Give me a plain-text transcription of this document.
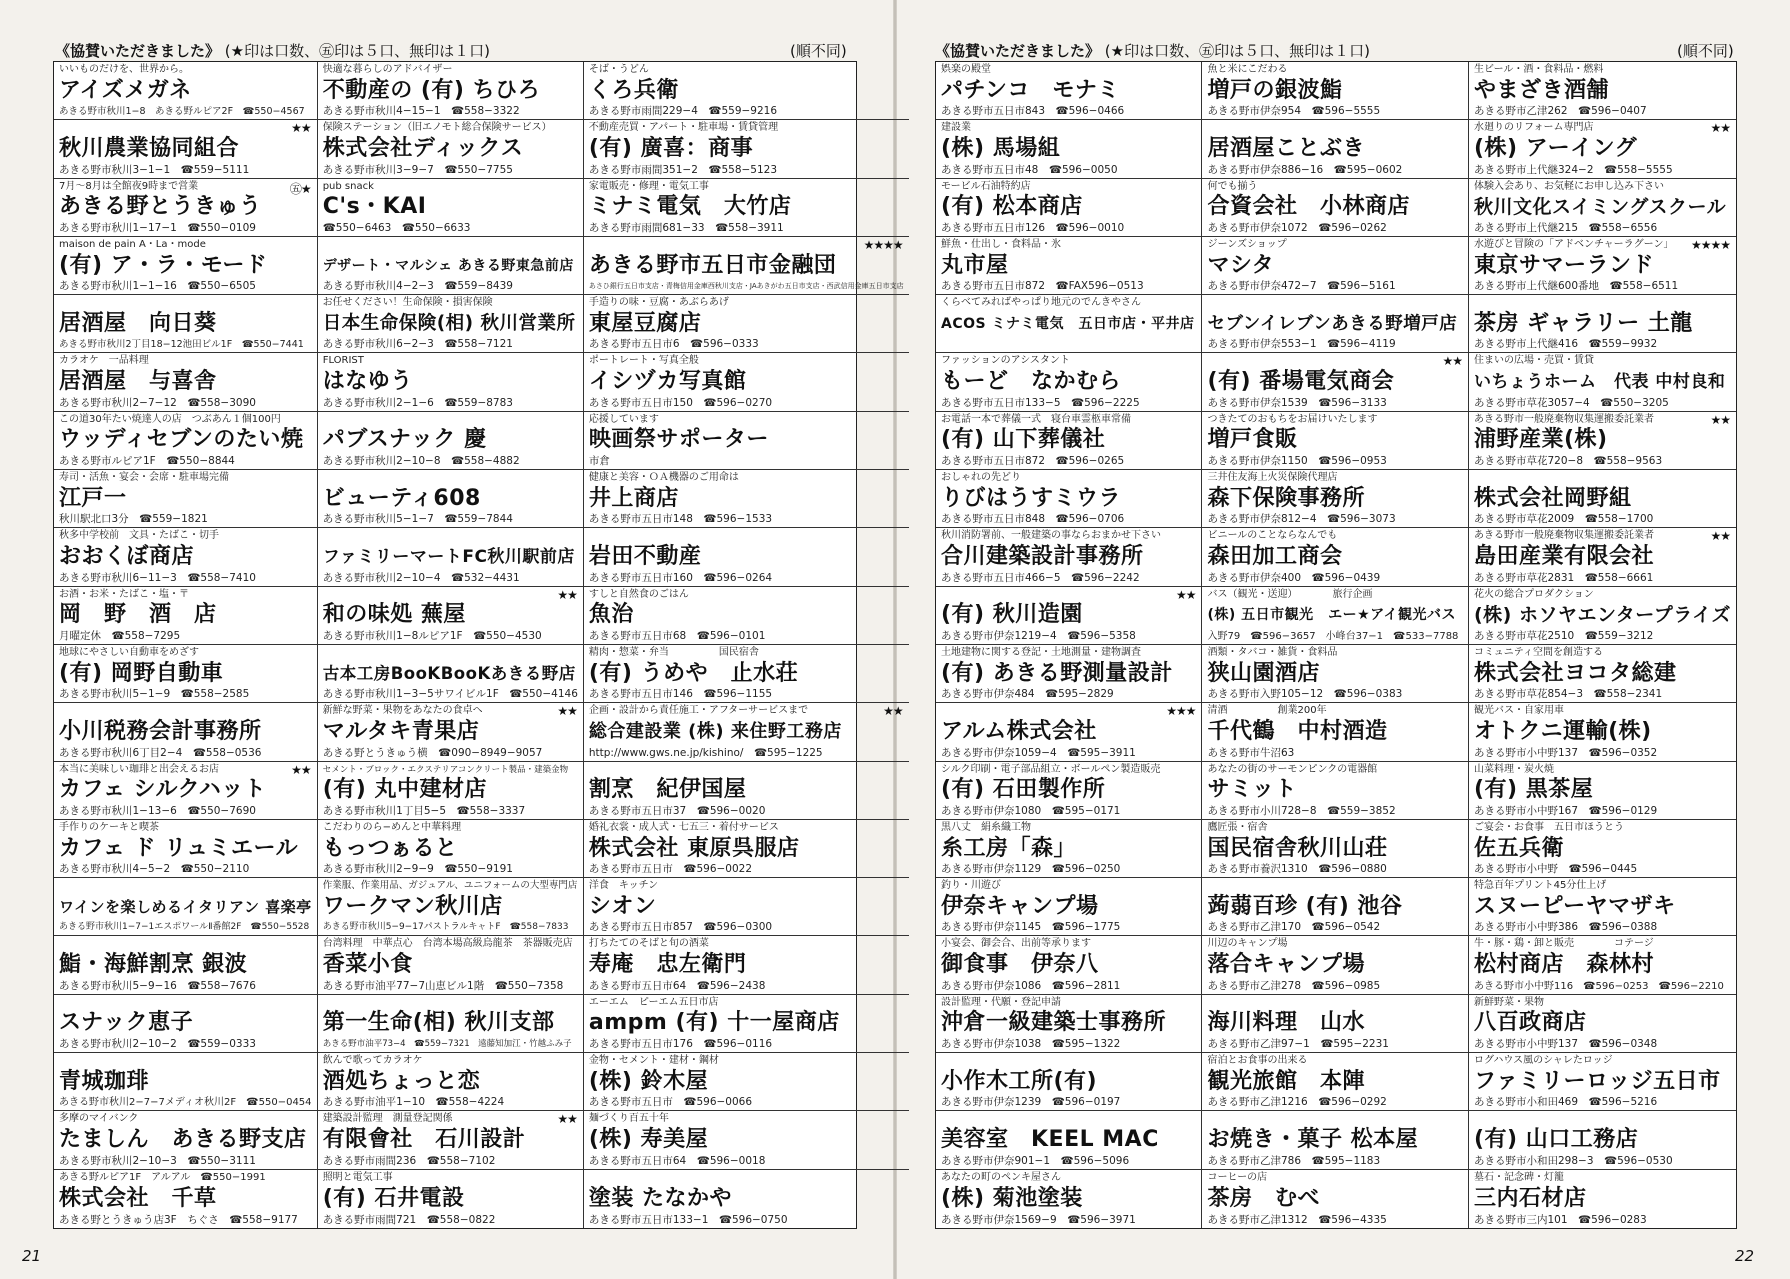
《協賛いただきました》 (★印は口数、㊄印は５口、無印は１口)	(順不同)
いいものだけを、世界から。
アイズメガネ
あきる野市秋川1−8　あきる野ルピア2F　☎550−4567
快適な暮らしのアドバイザー
不動産の (有) ちひろ
あきる野市秋川4−15−1　☎558−3322
そば・うどん
くろ兵衛
あきる野市雨間229−4　☎559−9216
秋川農業協同組合
あきる野市秋川3−1−1　☎559−5111
★★ 保険ステーション（旧エノモト総合保険サービス）
株式会社ディックス
あきる野市秋川3−9−7　☎550−7755
不動産売買・アパート・駐車場・賃貸管理
(有) 廣喜：商事
あきる野市雨間351−2　☎558−5123
7月〜8月は全館夜9時まで営業
あきる野とうきゅう
あきる野市秋川1−17−1　☎550−0109
㊄★ pub snack
C's・KAI
☎550−6463　☎550−6633
家電販売・修理・電気工事
ミナミ電気　大竹店
あきる野市雨間681−33　☎558−3911
maison de pain A・La・mode
(有) ア・ラ・モード
あきる野市秋川1−1−16　☎550−6505
デザート・マルシェ あきる野東急前店
あきる野市秋川4−2−3　☎559−8439
あきる野市五日市金融団
あさひ銀行五日市支店・青梅信用金庫西秋川支店・JAあきがわ五日市支店・西武信用金庫五日市支店
★★★★
居酒屋　向日葵
あきる野市秋川2丁目18−12池田ビル1F　☎550−7441
お任せください！生命保険・損害保険
日本生命保険(相) 秋川営業所
あきる野市秋川6−2−3　☎558−7121
手造りの味・豆腐・あぶらあげ
東屋豆腐店
あきる野市五日市6　☎596−0333
カラオケ　一品料理
居酒屋　与喜舎
あきる野市秋川2−7−12　☎558−3090
FLORIST
はなゆう
あきる野市秋川2−1−6　☎559−8783
ポートレート・写真全般
イシヅカ写真館
あきる野市五日市150　☎596−0270
この道30年たい焼達人の店　つぶあん１個100円
ウッディセブンのたい焼
あきる野市ルピア1F　☎550−8844
パブスナック 慶
あきる野市秋川2−10−8　☎558−4882
応援しています
映画祭サポーター
市倉
寿司・活魚・宴会・会席・駐車場完備
江戸一
秋川駅北口3分　☎559−1821
ビューティ608
あきる野市秋川5−1−7　☎559−7844
健康と美容・ＯＡ機器のご用命は
井上商店
あきる野市五日市148　☎596−1533
秋多中学校前　文具・たばこ・切手
おおくぼ商店
あきる野市秋川6−11−3　☎558−7410
ファミリーマートFC秋川駅前店
あきる野市秋川2−10−4　☎532−4431
岩田不動産
あきる野市五日市160　☎596−0264
お酒・お米・たばこ・塩・〒
岡　野　酒　店
月曜定休　☎558−7295
和の味処 蕪屋
あきる野市秋川1−8ルピア1F　☎550−4530
★★ すしと自然食のごはん
魚治
あきる野市五日市68　☎596−0101
地球にやさしい自動車をめざす
(有) 岡野自動車
あきる野市秋川5−1−9　☎558−2585
古本工房BooKBooKあきる野店
あきる野市秋川1−3−5サワイビル1F　☎550−4146
精肉・惣菜・弁当　　　　　国民宿舎
(有) うめや　止水荘
あきる野市五日市146　☎596−1155
小川税務会計事務所
あきる野市秋川6丁目2−4　☎558−0536
新鮮な野菜・果物をあなたの食卓へ
マルタキ青果店
あきる野とうきゅう横　☎090−8949−9057
★★ 企画・設計から責任施工・アフターサービスまで
総合建設業 (株) 来住野工務店
http://www.gws.ne.jp/kishino/　☎595−1225
★★
本当に美味しい珈琲と出会えるお店
カフェ シルクハット
あきる野市秋川1−13−6　☎550−7690
★★ セメント・ブロック・エクステリアコンクリート製品・建築金物
(有) 丸中建材店
あきる野市秋川1丁目5−5　☎558−3337
割烹　紀伊国屋
あきる野市五日市37　☎596−0020
手作りのケーキと喫茶
カフェ ド リュミエール
あきる野市秋川4−5−2　☎550−2110
こだわりのら−めんと中華料理
もっつぁると
あきる野市秋川2−9−9　☎550−9191
婚礼衣裳・成人式・七五三・着付サービス
株式会社 東原呉服店
あきる野市五日市　☎596−0022
ワインを楽しめるイタリアン 喜楽亭
あきる野市秋川1−7−1エスポワールⅡ番館2F　☎550−5528
作業服、作業用品、ガジュアル、ユニフォームの大型専門店
ワークマン秋川店
あきる野市秋川5−9−17パストラルキャトF　☎558−7833
洋食　キッチン
シオン
あきる野市五日市857　☎596−0300
鮨・海鮮割烹 銀波
あきる野市秋川5−9−16　☎558−7676
台湾料理　中華点心　台湾本場高級烏龍茶　茶器販売店
香菜小食
あきる野市油平77−7山恵ビル1階　☎550−7358
打ちたてのそばと旬の酒菜
寿庵　忠左衛門
あきる野市五日市64　☎596−2438
スナック恵子
あきる野市秋川2−10−2　☎559−0333
第一生命(相) 秋川支部
あきる野市油平73−4　☎559−7321　遠藤知加江・竹越ふみ子
エーエム　ピーエム五日市店
ampm (有) 十一屋商店
あきる野市五日市176　☎596−0116
青城珈琲
あきる野市秋川2−7−7メディオ秋川2F　☎550−0454
飲んで歌ってカラオケ
酒処ちょっと恋
あきる野市油平1−10　☎558−4224
金物・セメント・建材・鋼材
(株) 鈴木屋
あきる野市五日市　☎596−0066
多摩のマイバンク
たましん　あきる野支店
あきる野市秋川2−10−3　☎550−3111
建築設計監理　測量登記関係
有限會社　石川設計
あきる野市雨間236　☎558−7102
★★ 麺づくり百五十年
(株) 寿美屋
あきる野市五日市64　☎596−0018
あきる野ルピア1F　アルアル　☎550−1991
株式会社　千草
あきる野とうきゅう店3F　ちぐさ　☎558−9177
照明と電気工事
(有) 石井電設
あきる野市雨間721　☎558−0822
塗装 たなかや
あきる野市五日市133−1　☎596−0750
21
《協賛いただきました》 (★印は口数、㊄印は５口、無印は１口)	(順不同)
娯楽の殿堂
パチンコ　モナミ
あきる野市五日市843　☎596−0466
魚と米にこだわる
増戸の銀波鮨
あきる野市伊奈954　☎596−5555
生ビール・酒・食料品・燃料
やまざき酒舗
あきる野市乙津262　☎596−0407
建設業
(株) 馬場組
あきる野市五日市48　☎596−0050
居酒屋ことぶき
あきる野市伊奈886−16　☎595−0602
水廻りのリフォーム専門店
(株) アーイング
あきる野市上代継324−2　☎558−5555
★★
モービル石油特約店
(有) 松本商店
あきる野市五日市126　☎596−0010
何でも揃う
合資会社　小林商店
あきる野市伊奈1072　☎596−0262
体験入会あり、お気軽にお申し込み下さい
秋川文化スイミングスクール
あきる野市上代継215　☎558−6556
鮮魚・仕出し・食料品・氷
丸市屋
あきる野市五日市872　☎FAX596−0513
ジーンズショップ
マシタ
あきる野市伊奈472−7　☎596−5161
水遊びと冒険の「アドベンチャーラグーン」
東京サマーランド
あきる野市上代継600番地　☎558−6511
★★★★
くらべてみればやっぱり地元のでんきやさん
ACOS ミナミ電気　五日市店・平井店 セブンイレブンあきる野増戸店
あきる野市伊奈553−1　☎596−4119
茶房 ギャラリー 土龍
あきる野市上代継416　☎559−9932
ファッションのアシスタント
もーど　なかむら
あきる野市五日市133−5　☎596−2225
(有) 番場電気商会
あきる野市伊奈1539　☎596−3133
★★ 住まいの広場・売買・賃貸
いちょうホーム　代表 中村良和
あきる野市草花3057−4　☎550−3205
お電話一本で葬儀一式　寝台車霊柩車常備
(有) 山下葬儀社
あきる野市五日市872　☎596−0265
つきたてのおもちをお届けいたします
増戸食販
あきる野市伊奈1150　☎596−0953
あきる野市一般廃棄物収集運搬委託業者
浦野産業(株)
あきる野市草花720−8　☎558−9563
★★
おしゃれの先どり
りびはうすミウラ
あきる野市五日市848　☎596−0706
三井住友海上火災保険代理店
森下保険事務所
あきる野市伊奈812−4　☎596−3073
株式会社岡野組
あきる野市草花2009　☎558−1700
秋川消防署前、一般建築の事ならおまかせ下さい
合川建築設計事務所
あきる野市五日市466−5　☎596−2242
ビニールのことならなんでも
森田加工商会
あきる野市伊奈400　☎596−0439
あきる野市一般廃棄物収集運搬委託業者
島田産業有限会社
あきる野市草花2831　☎558−6661
★★
(有) 秋川造園
あきる野市伊奈1219−4　☎596−5358
★★ バス（観光・送迎）　　　　旅行企画
(株) 五日市観光　エー★アイ観光バス
入野79　☎596−3657　小峰台37−1　☎533−7788
花火の総合プロダクション
(株) ホソヤエンタープライズ
あきる野市草花2510　☎559−3212
土地建物に関する登記・土地測量・建物調査
(有) あきる野測量設計
あきる野市伊奈484　☎595−2829
酒類・タバコ・雑貨・食料品
狭山園酒店
あきる野市入野105−12　☎596−0383
コミュニティ空間を創造する
株式会社ヨコタ総建
あきる野市草花854−3　☎558−2341
アルム株式会社
あきる野市伊奈1059−4　☎595−3911
★★★ 清酒　　　　　創業200年
千代鶴　中村酒造
あきる野市牛沼63
観光バス・自家用車
オトクニ運輸(株)
あきる野市小中野137　☎596−0352
シルク印刷・電子部品組立・ボールペン製造販売
(有) 石田製作所
あきる野市伊奈1080　☎595−0171
あなたの街のサーモンピンクの電器館
サミット
あきる野市小川728−8　☎559−3852
山菜料理・炭火焼
(有) 黒茶屋
あきる野市小中野167　☎596−0129
黒八丈　絹糸織工物
糸工房「森」
あきる野市伊奈1129　☎596−0250
鷹匠張・宿舎
国民宿舎秋川山荘
あきる野市養沢1310　☎596−0880
ご宴会・お食事　五日市ほうとう
佐五兵衛
あきる野市小中野　☎596−0445
釣り・川遊び
伊奈キャンプ場
あきる野市伊奈1145　☎596−1775
蒟蒻百珍 (有) 池谷
あきる野市乙津170　☎596−0542
特急百年プリント45分仕上げ
スヌーピーヤマザキ
あきる野市小中野386　☎596−0388
小宴会、御会合、出前等承ります
御食事　伊奈八
あきる野市伊奈1086　☎596−2811
川辺のキャンプ場
落合キャンプ場
あきる野市乙津278　☎596−0985
牛・豚・鶏・卸と販売　　　　コテージ
松村商店　森林村
あきる野市小中野116　☎596−0253　☎596−2210
設計監理・代願・登記申請
沖倉一級建築士事務所
あきる野市伊奈1038　☎595−1322
海川料理　山水
あきる野市乙津97−1　☎595−2231
新鮮野菜・果物
八百政商店
あきる野市小中野137　☎596−0348
小作木工所(有)
あきる野市伊奈1239　☎596−0197
宿泊とお食事の出来る
観光旅館　本陣
あきる野市乙津1216　☎596−0292
ログハウス風のシャレたロッジ
ファミリーロッジ五日市
あきる野市小和田469　☎596−5216
美容室　KEEL MAC
あきる野市伊奈901−1　☎596−5096
お焼き・菓子 松本屋
あきる野市乙津786　☎595−1183
(有) 山口工務店
あきる野市小和田298−3　☎596−0530
あなたの町のペンキ屋さん
(株) 菊池塗装
あきる野市伊奈1569−9　☎596−3971
コーヒーの店
茶房　むべ
あきる野市乙津1312　☎596−4335
墓石・記念碑・灯籠
三内石材店
あきる野市三内101　☎596−0283
22
